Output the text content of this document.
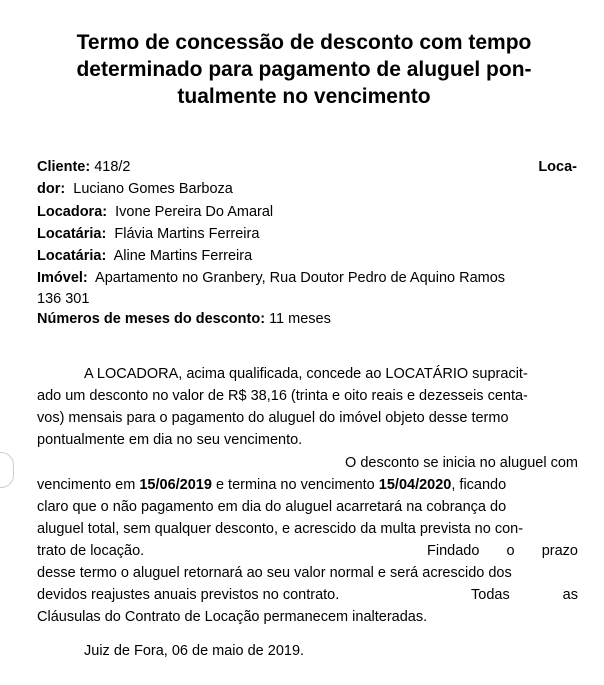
Termo de concessão de desconto com tempo
determinado para pagamento de aluguel pon-
tualmente no vencimento
Cliente: 418/2	Loca-
dor: Luciano Gomes Barboza
Locadora: Ivone Pereira Do Amaral
Locatária: Flávia Martins Ferreira
Locatária: Aline Martins Ferreira
Imóvel: Apartamento no Granbery, Rua Doutor Pedro de Aquino Ramos
136 301
Números de meses do desconto: 11 meses
A LOCADORA, acima qualificada, concede ao LOCATÁRIO supracit-
ado um desconto no valor de R$ 38,16 (trinta e oito reais e dezesseis centa-
vos) mensais para o pagamento do aluguel do imóvel objeto desse termo
pontualmente em dia no seu vencimento.
O desconto se inicia no aluguel com
vencimento em 15/06/2019 e termina no vencimento 15/04/2020, ficando
claro que o não pagamento em dia do aluguel acarretará na cobrança do
aluguel total, sem qualquer desconto, e acrescido da multa prevista no con-
trato de locação.	Findado o prazo
desse termo o aluguel retornará ao seu valor normal e será acrescido dos
devidos reajustes anuais previstos no contrato.	Todas	as
Cláusulas do Contrato de Locação permanecem inalteradas.
Juiz de Fora, 06 de maio de 2019.
